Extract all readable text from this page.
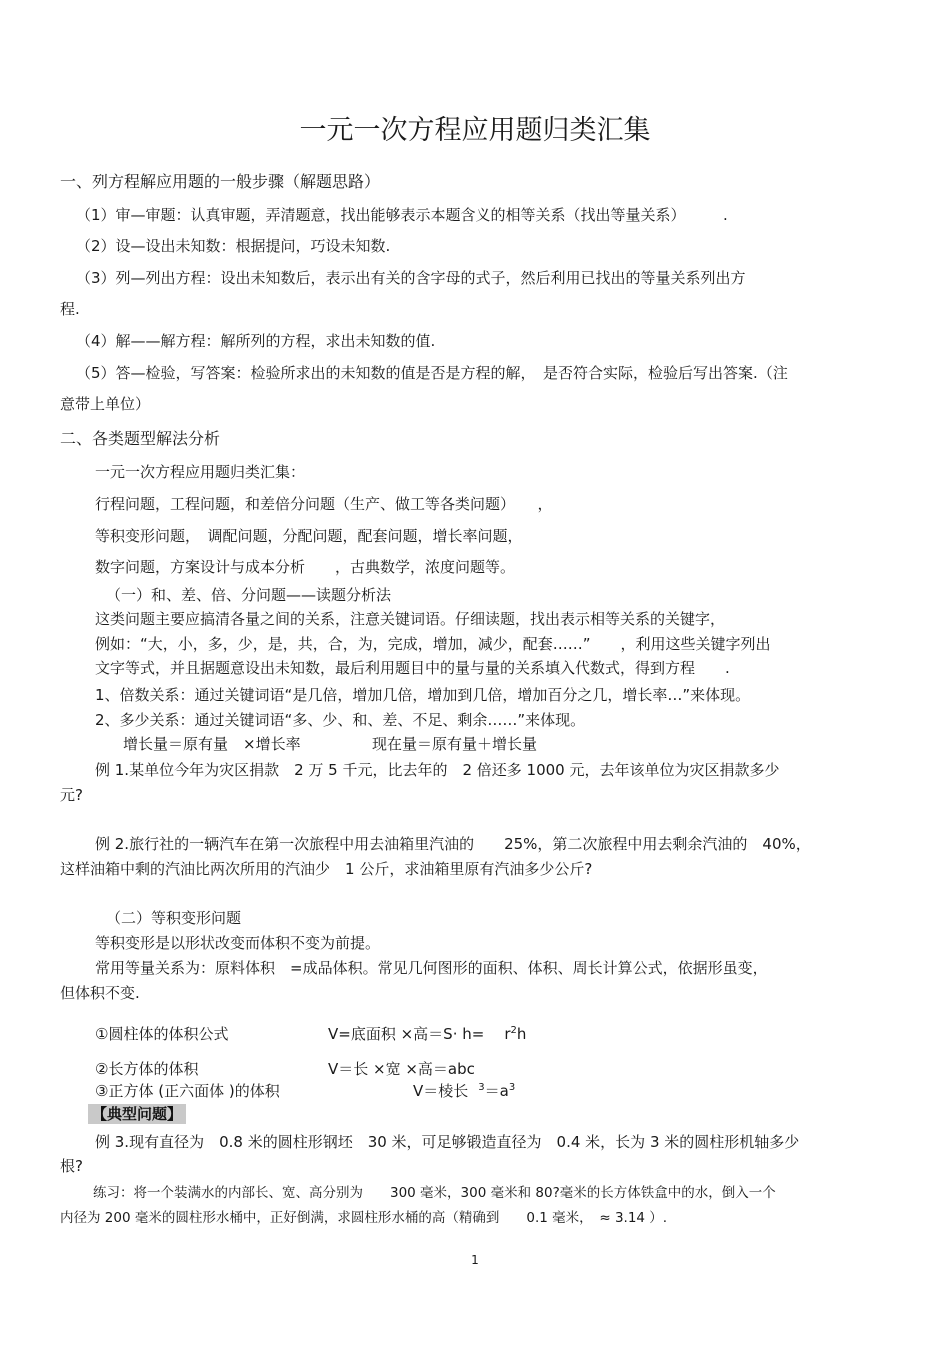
一元一次方程应用题归类汇集

一、列方程解应用题的一般步骤（解题思路）

（1）审—审题：认真审题，弄清题意，找出能够表示本题含义的相等关系（找出等量关系）　　　.

（2）设—设出未知数：根据提问，巧设未知数.

（3）列—列出方程：设出未知数后，表示出有关的含字母的式子，然后利用已找出的等量关系列出方

程.

（4）解——解方程：解所列的方程，求出未知数的值.

（5）答—检验，写答案：检验所求出的未知数的值是否是方程的解，　是否符合实际，检验后写出答案.（注

意带上单位）

二、各类题型解法分析

一元一次方程应用题归类汇集：

行程问题，工程问题，和差倍分问题（生产、做工等各类问题）　　，

等积变形问题，　调配问题，分配问题，配套问题，增长率问题，

数字问题，方案设计与成本分析　　，古典数学，浓度问题等。

（一）和、差、倍、分问题——读题分析法

这类问题主要应搞清各量之间的关系，注意关键词语。仔细读题，找出表示相等关系的关键字，

例如：“大，小，多，少，是，共，合，为，完成，增加，减少，配套……”　　，利用这些关键字列出

文字等式，并且据题意设出未知数，最后利用题目中的量与量的关系填入代数式，得到方程　　.

1、倍数关系：通过关键词语“是几倍，增加几倍，增加到几倍，增加百分之几，增长率…”来体现。

2、多少关系：通过关键词语“多、少、和、差、不足、剩余……”来体现。

增长量＝原有量　×增长率	现在量＝原有量＋增长量

例 1.某单位今年为灾区捐款　2 万 5 千元，比去年的　2 倍还多 1000 元，去年该单位为灾区捐款多少

元?

例 2.旅行社的一辆汽车在第一次旅程中用去油箱里汽油的　　25%，第二次旅程中用去剩余汽油的　40%，

这样油箱中剩的汽油比两次所用的汽油少　1 公斤，求油箱里原有汽油多少公斤?

（二）等积变形问题

等积变形是以形状改变而体积不变为前提。

常用等量关系为：原料体积　=成品体积。常见几何图形的面积、体积、周长计算公式，依据形虽变，

但体积不变.

①圆柱体的体积公式	V=底面积 ×高$=S\cdot h= r^2h$

②长方体的体积	V＝长 ×宽 ×高＝abc

③正方体 (正六面体 )的体积	V＝棱长 $^3=a^3$

【典型问题】

例 3.现有直径为　0.8 米的圆柱形钢坯　30 米，可足够锻造直径为　0.4 米，长为 3 米的圆柱形机轴多少

根?

练习：将一个装满水的内部长、宽、高分别为　　300 毫米，300 毫米和 80?毫米的长方体铁盒中的水，倒入一个

内径为 200 毫米的圆柱形水桶中，正好倒满，求圆柱形水桶的高（精确到　　0.1 毫米，　≈ 3.14 ）.

1
